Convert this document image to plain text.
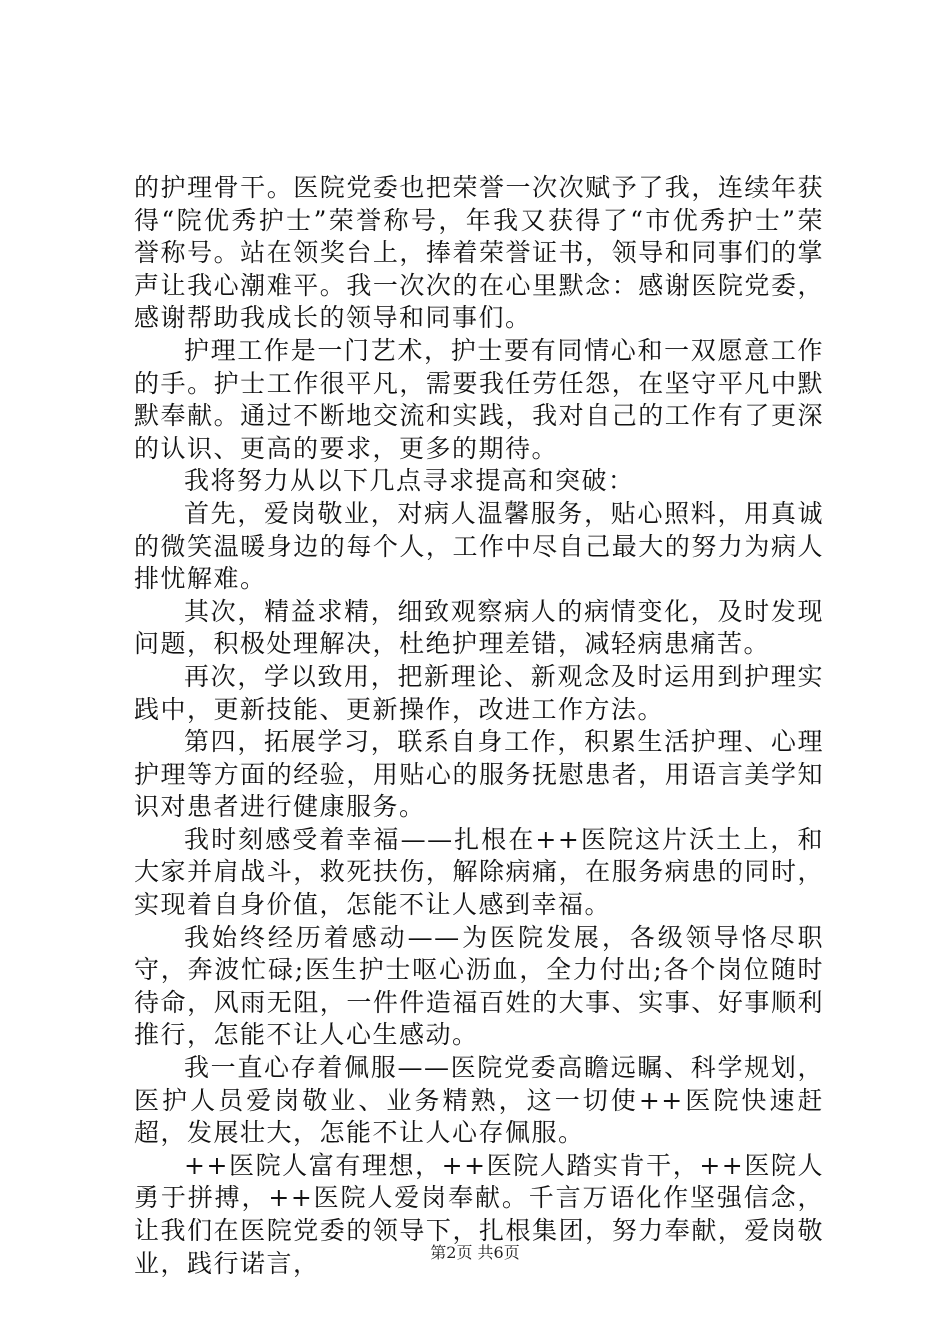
的护理骨干。医院党委也把荣誉一次次赋予了我，连续年获得“院优秀护士”荣誉称号，年我又获得了“市优秀护士”荣誉称号。站在领奖台上，捧着荣誉证书，领导和同事们的掌声让我心潮难平。我一次次的在心里默念：感谢医院党委，感谢帮助我成长的领导和同事们。

护理工作是一门艺术，护士要有同情心和一双愿意工作的手。护士工作很平凡，需要我任劳任怨，在坚守平凡中默默奉献。通过不断地交流和实践，我对自己的工作有了更深的认识、更高的要求，更多的期待。

我将努力从以下几点寻求提高和突破：

首先，爱岗敬业，对病人温馨服务，贴心照料，用真诚的微笑温暖身边的每个人，工作中尽自己最大的努力为病人排忧解难。

其次，精益求精，细致观察病人的病情变化，及时发现问题，积极处理解决，杜绝护理差错，减轻病患痛苦。

再次，学以致用，把新理论、新观念及时运用到护理实践中，更新技能、更新操作，改进工作方法。

第四，拓展学习，联系自身工作，积累生活护理、心理护理等方面的经验，用贴心的服务抚慰患者，用语言美学知识对患者进行健康服务。

我时刻感受着幸福——扎根在++医院这片沃土上，和大家并肩战斗，救死扶伤，解除病痛，在服务病患的同时，实现着自身价值，怎能不让人感到幸福。

我始终经历着感动——为医院发展，各级领导恪尽职守，奔波忙碌;医生护士呕心沥血，全力付出;各个岗位随时待命，风雨无阻，一件件造福百姓的大事、实事、好事顺利推行，怎能不让人心生感动。

我一直心存着佩服——医院党委高瞻远瞩、科学规划，医护人员爱岗敬业、业务精熟，这一切使++医院快速赶超，发展壮大，怎能不让人心存佩服。

++医院人富有理想，++医院人踏实肯干，++医院人勇于拼搏，++医院人爱岗奉献。千言万语化作坚强信念，让我们在医院党委的领导下，扎根集团，努力奉献，爱岗敬业，践行诺言，	第2页 共6页
